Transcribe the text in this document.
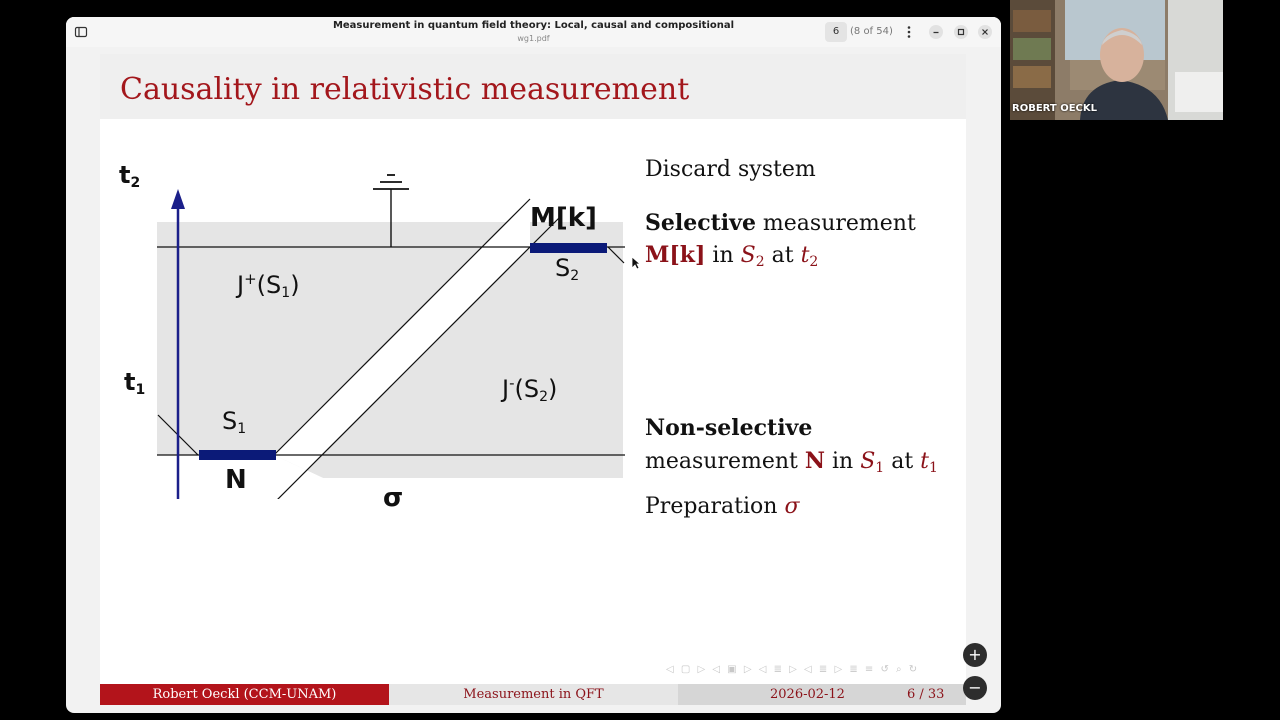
Measurement in quantum field theory: Local, causal and compositional
wg1.pdf
6	(8 of 54)
Causality in relativistic measurement
$t_2$
$t_1$
M[k]
$S_2$
$S_1$
N
σ
$J^+(S_1)$
$J^-(S_2)$
Discard system
Selective measurement
M[k] in $S_2$ at $t_2$
Non-selective
measurement N in $S_1$ at $t_1$
Preparation σ
◁ ▢ ▷ ◁ ▣ ▷ ◁ ≣ ▷ ◁ ≣ ▷ ≣ ≡ ↺ ⌕ ↻
Robert Oeckl (CCM-UNAM)	Measurement in QFT	2026-02-12	6 / 33
+
−
ROBERT OECKL
